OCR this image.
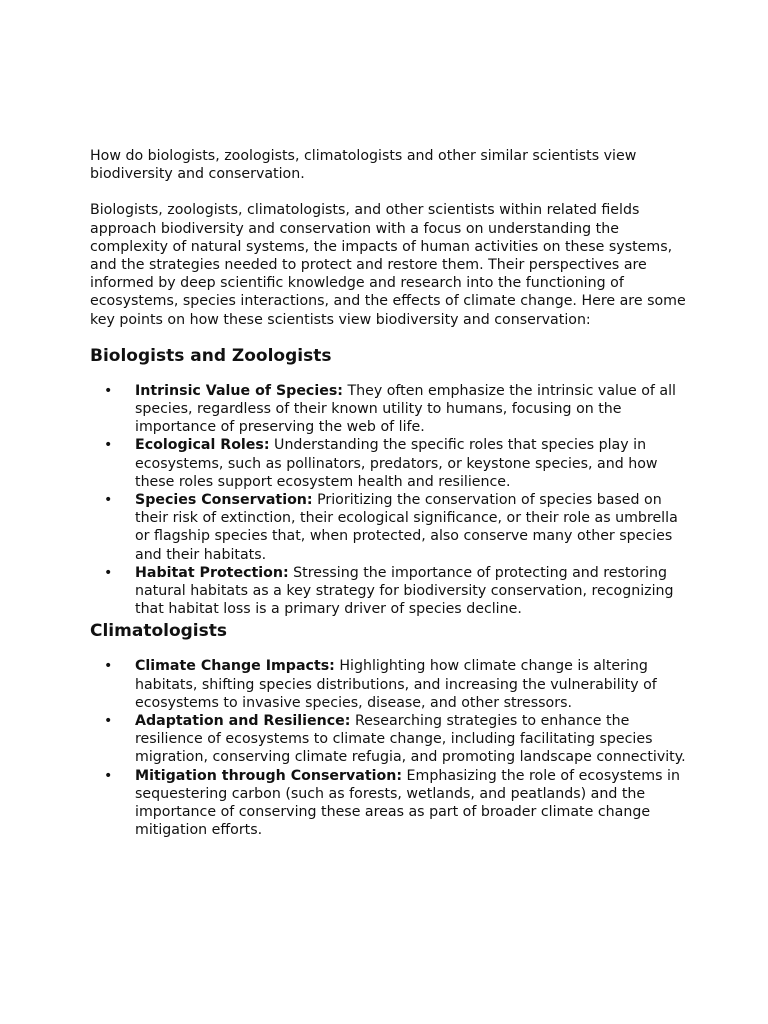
How do biologists, zoologists, climatologists and other similar scientists view biodiversity and conservation.

Biologists, zoologists, climatologists, and other scientists within related fields approach biodiversity and conservation with a focus on understanding the complexity of natural systems, the impacts of human activities on these systems, and the strategies needed to protect and restore them. Their perspectives are informed by deep scientific knowledge and research into the functioning of ecosystems, species interactions, and the effects of climate change. Here are some key points on how these scientists view biodiversity and conservation:

Biologists and Zoologists
• Intrinsic Value of Species: They often emphasize the intrinsic value of all species, regardless of their known utility to humans, focusing on the importance of preserving the web of life.
• Ecological Roles: Understanding the specific roles that species play in ecosystems, such as pollinators, predators, or keystone species, and how these roles support ecosystem health and resilience.
• Species Conservation: Prioritizing the conservation of species based on their risk of extinction, their ecological significance, or their role as umbrella or flagship species that, when protected, also conserve many other species and their habitats.
• Habitat Protection: Stressing the importance of protecting and restoring natural habitats as a key strategy for biodiversity conservation, recognizing that habitat loss is a primary driver of species decline.
Climatologists
• Climate Change Impacts: Highlighting how climate change is altering habitats, shifting species distributions, and increasing the vulnerability of ecosystems to invasive species, disease, and other stressors.
• Adaptation and Resilience: Researching strategies to enhance the resilience of ecosystems to climate change, including facilitating species migration, conserving climate refugia, and promoting landscape connectivity.
• Mitigation through Conservation: Emphasizing the role of ecosystems in sequestering carbon (such as forests, wetlands, and peatlands) and the importance of conserving these areas as part of broader climate change mitigation efforts.
